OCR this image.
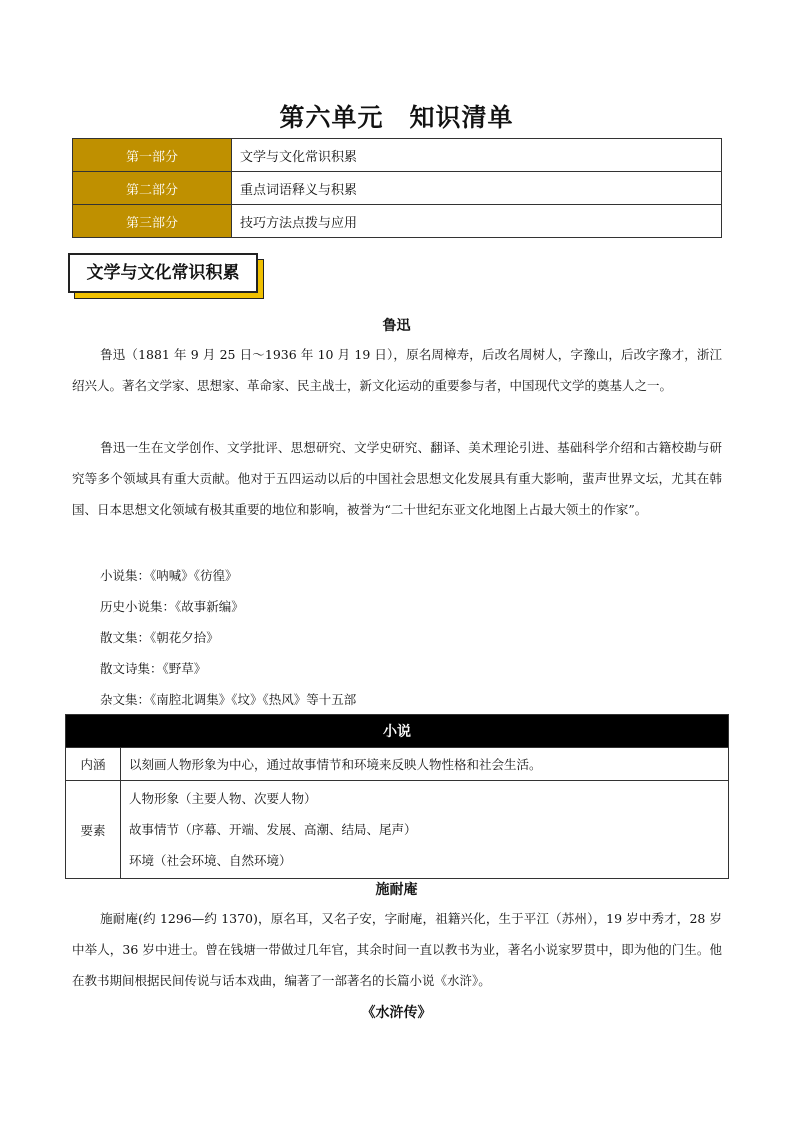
第六单元　知识清单
第一部分	文学与文化常识积累
第二部分	重点词语释义与积累
第三部分	技巧方法点拨与应用
文学与文化常识积累
鲁迅
鲁迅（1881 年 9 月 25 日～1936 年 10 月 19 日），原名周樟寿，后改名周树人，字豫山，后改字豫才，浙江绍兴人。著名文学家、思想家、革命家、民主战士，新文化运动的重要参与者，中国现代文学的奠基人之一。
鲁迅一生在文学创作、文学批评、思想研究、文学史研究、翻译、美术理论引进、基础科学介绍和古籍校勘与研究等多个领域具有重大贡献。他对于五四运动以后的中国社会思想文化发展具有重大影响，蜚声世界文坛，尤其在韩国、日本思想文化领域有极其重要的地位和影响，被誉为“二十世纪东亚文化地图上占最大领土的作家”。
小说集：《呐喊》《彷徨》
历史小说集：《故事新编》
散文集：《朝花夕拾》
散文诗集：《野草》
杂文集：《南腔北调集》《坟》《热风》等十五部
小说	
内涵	以刻画人物形象为中心，通过故事情节和环境来反映人物性格和社会生活。
要素	人物形象（主要人物、次要人物）
故事情节（序幕、开端、发展、高潮、结局、尾声）
环境（社会环境、自然环境）
施耐庵
施耐庵(约 1296—约 1370)，原名耳，又名子安，字耐庵，祖籍兴化，生于平江（苏州），19 岁中秀才，28 岁中举人，36 岁中进士。曾在钱塘一带做过几年官，其余时间一直以教书为业，著名小说家罗贯中，即为他的门生。他在教书期间根据民间传说与话本戏曲，编著了一部著名的长篇小说《水浒》。
《水浒传》
